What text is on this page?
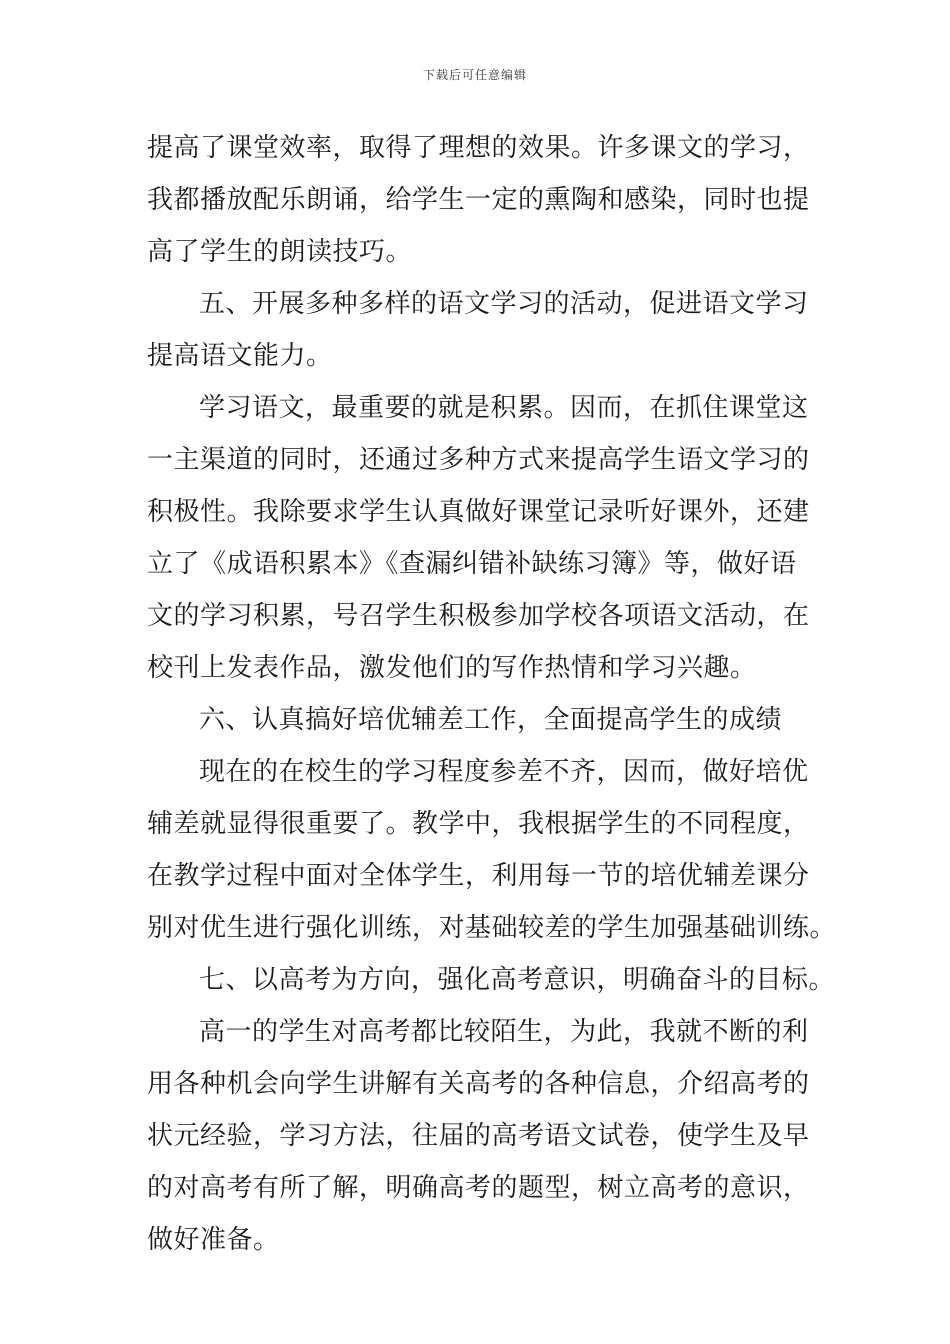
下载后可任意编辑
提高了课堂效率，取得了理想的效果。许多课文的学习，
我都播放配乐朗诵，给学生一定的熏陶和感染，同时也提
高了学生的朗读技巧。
五、开展多种多样的语文学习的活动，促进语文学习
提高语文能力。
学习语文，最重要的就是积累。因而，在抓住课堂这
一主渠道的同时，还通过多种方式来提高学生语文学习的
积极性。我除要求学生认真做好课堂记录听好课外，还建
立了《成语积累本》《查漏纠错补缺练习簿》等，做好语
文的学习积累，号召学生积极参加学校各项语文活动，在
校刊上发表作品，激发他们的写作热情和学习兴趣。
六、认真搞好培优辅差工作，全面提高学生的成绩
现在的在校生的学习程度参差不齐，因而，做好培优
辅差就显得很重要了。教学中，我根据学生的不同程度，
在教学过程中面对全体学生，利用每一节的培优辅差课分
别对优生进行强化训练，对基础较差的学生加强基础训练。
七、以高考为方向，强化高考意识，明确奋斗的目标。
高一的学生对高考都比较陌生，为此，我就不断的利
用各种机会向学生讲解有关高考的各种信息，介绍高考的
状元经验，学习方法，往届的高考语文试卷，使学生及早
的对高考有所了解，明确高考的题型，树立高考的意识，
做好准备。
